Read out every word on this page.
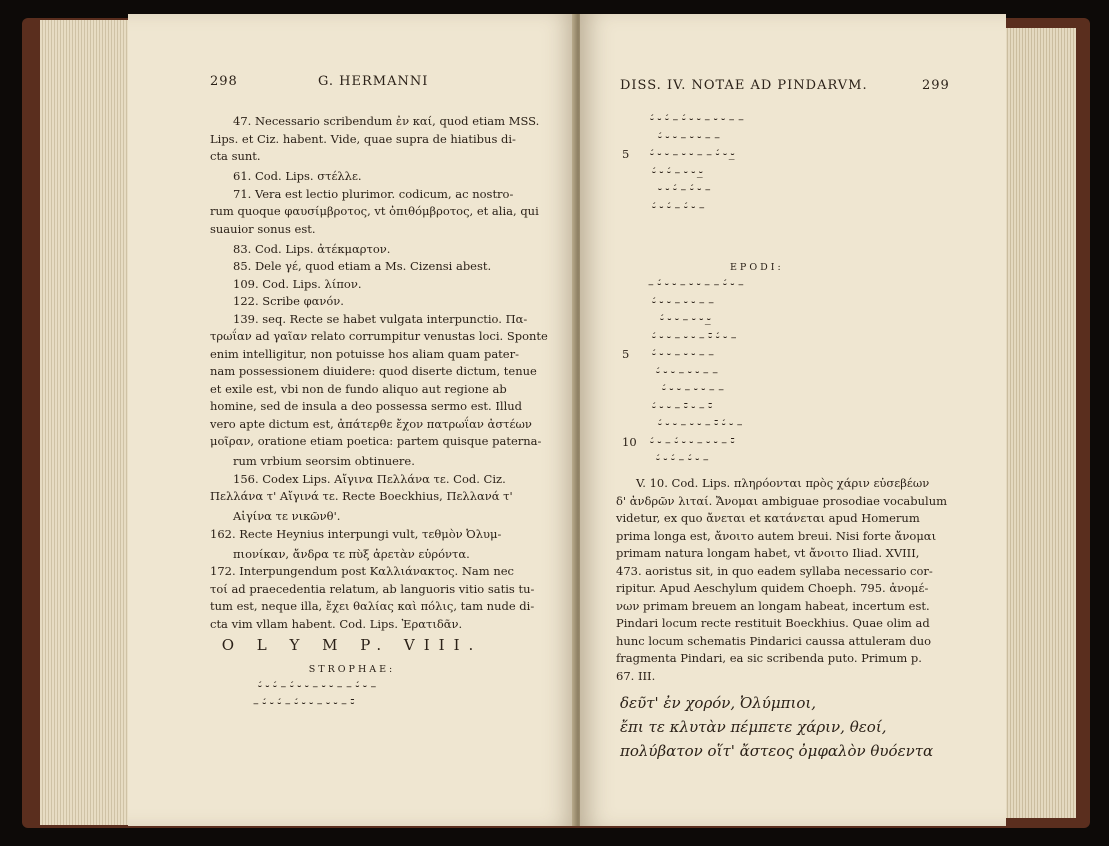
298	G. HERMANNI
47. Necessario scribendum ἐν καί, quod etiam MSS.
Lips. et Ciz. habent. Vide, quae supra de hiatibus di-
cta sunt.
61. Cod. Lips. στέλλε.
71. Vera est lectio plurimor. codicum, ac nostro-
rum quoque φαυσίμβροτος, vt ὀπιθόμβροτος, et alia, qui
suauior sonus est.
83. Cod. Lips. ἀτέκμαρτον.
85. Dele γέ, quod etiam a Ms. Cizensi abest.
109. Cod. Lips. λίπον.
122. Scribe φανόν.
139. seq. Recte se habet vulgata interpunctio. Πα-
τρωΐαν ad γαῖαν relato corrumpitur venustas loci. Sponte
enim intelligitur, non potuisse hos aliam quam pater-
nam possessionem diuidere: quod diserte dictum, tenue
et exile est, vbi non de fundo aliquo aut regione ab
homine, sed de insula a deo possessa sermo est. Illud
vero apte dictum est, ἀπάτερθε ἔχον πατρωΐαν ἀστέων
μοῖραν, oratione etiam poetica: partem quisque paterna-
rum vrbium seorsim obtinuere.
156. Codex Lips. Αἴγινα Πελλάνα τε. Cod. Ciz.
Πελλάνα τ' Αἴγινά τε. Recte Boeckhius, Πελλανά τ'
Αἰγίνα τε νικῶνθ'.
162. Recte Heynius interpungi vult, τεθμὸν Ὀλυμ-
πιονίκαν, ἄνδρα τε πὺξ ἀρετὰν εὑρόντα.
172. Interpungendum post Καλλιάνακτος. Nam nec
τοί ad praecedentia relatum, ab languoris vitio satis tu-
tum est, neque illa, ἔχει θαλίας καὶ πόλις, tam nude di-
cta vim vllam habent. Cod. Lips. Ἐρατιδᾶν.
O L Y M P. VIII.
STROPHAE:
⏑́ ⏑ ⏑́ – ⏑́ ⏑ ⏑ – ⏑ ⏑ – – ⏑́ ⏑ –
– ⏑́ ⏑ ⏑́ – ⏑́ ⏑ ⏑ – ⏑ ⏑ – ⏑̄
DISS. IV. NOTAE AD PINDARVM.	299
⏑́ ⏑ ⏑́ – ⏑́ ⏑ ⏑ – ⏑ ⏑ – –
⏑́ ⏑ ⏑ – ⏑ ⏑ – –
5 ⏑́ ⏑ ⏑ – ⏑ ⏑ – – ⏑́ ⏑ ⏑̲
⏑́ ⏑ ⏑́ – ⏑ ⏑ ⏑̲
⏑ ⏑ ⏑́ – ⏑́ ⏑ –
⏑́ ⏑ ⏑́ – ⏑́ ⏑ –
EPODI:
– ⏑́ ⏑ ⏑ – ⏑ ⏑ – – ⏑́ ⏑ –
⏑́ ⏑ ⏑ – ⏑ ⏑ – –
⏑́ ⏑ ⏑ – ⏑ ⏑ ⏑̲
⏑́ ⏑ ⏑ – ⏑ ⏑ – ⏑̄ ⏑́ ⏑ –
5 ⏑́ ⏑ ⏑ – ⏑ ⏑ – –
⏑́ ⏑ ⏑ – ⏑ ⏑ – –
⏑́ ⏑ ⏑ – ⏑ ⏑ – –
⏑́ ⏑ ⏑ – ⏑̄ ⏑ – ⏑̄
⏑́ ⏑ ⏑ – ⏑ ⏑ – ⏑̄ ⏑́ ⏑ –
10 ⏑́ ⏑ – ⏑́ ⏑ ⏑ – ⏑ ⏑ – ⏑̄
⏑́ ⏑ ⏑́ – ⏑́ ⏑ –
V. 10. Cod. Lips. πληρόονται πρὸς χάριν εὐσεβέων
δ' ἀνδρῶν λιταί. Ἄνομαι ambiguae prosodiae vocabulum
videtur, ex quo ἄνεται et κατάνεται apud Homerum
prima longa est, ἄνοιτο autem breui. Nisi forte ἄνομαι
primam natura longam habet, vt ἄνοιτο Iliad. XVIII,
473. aoristus sit, in quo eadem syllaba necessario cor-
ripitur. Apud Aeschylum quidem Choeph. 795. ἀνομέ-
νων primam breuem an longam habeat, incertum est.
Pindari locum recte restituit Boeckhius. Quae olim ad
hunc locum schematis Pindarici caussa attuleram duo
fragmenta Pindari, ea sic scribenda puto. Primum p.
67. III.
δεῦτ' ἐν χορόν, Ὀλύμπιοι,
ἔπι τε κλυτὰν πέμπετε χάριν, θεοί,
πολύβατον οἵτ' ἄστεος ὀμφαλὸν θυόεντα
